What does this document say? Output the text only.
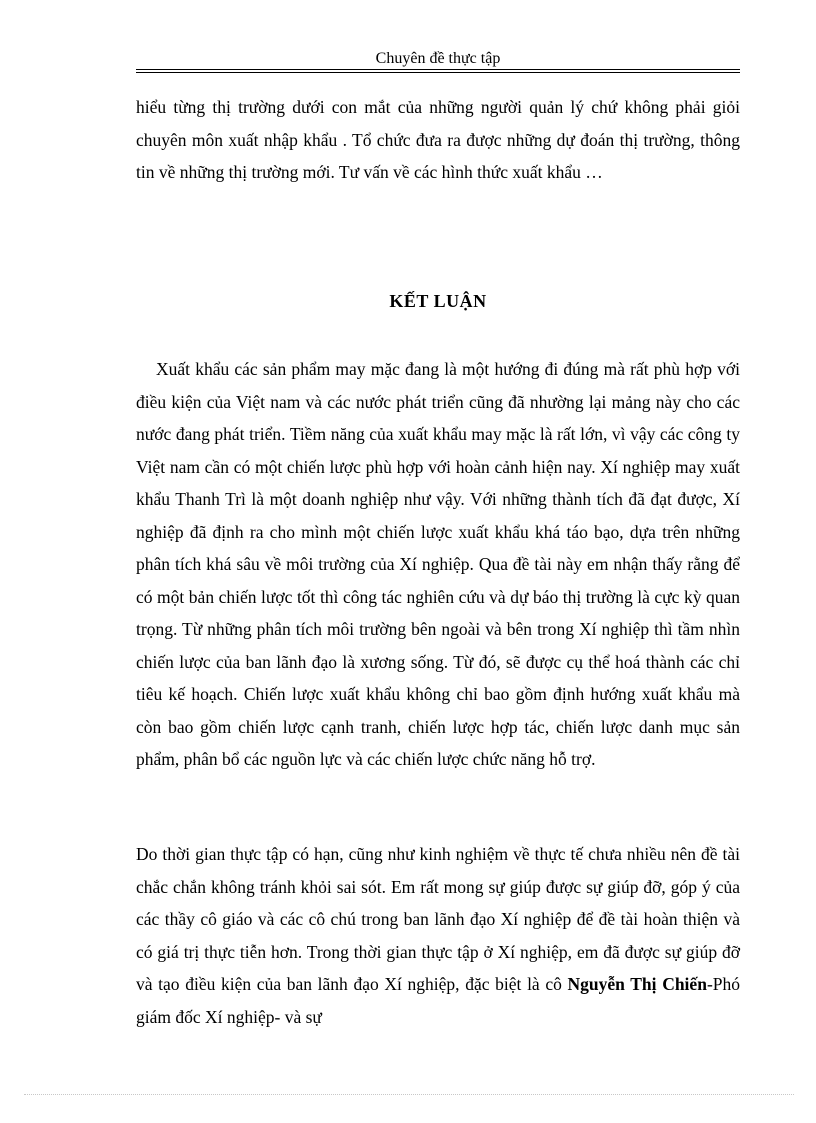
Chuyên đề thực tập

hiểu từng thị trường dưới con mắt của những người quản lý chứ không phải giỏi chuyên môn xuất nhập khẩu . Tổ chức đưa ra được những dự đoán thị trường, thông tin về những thị trường mới. Tư vấn về các hình thức xuất khẩu …

KẾT LUẬN

Xuất khẩu các sản phẩm may mặc đang là một hướng đi đúng mà rất phù hợp với điều kiện của Việt nam và các nước phát triển cũng đã nhường lại mảng này cho các nước đang phát triển. Tiềm năng của xuất khẩu may mặc là rất lớn, vì vậy các công ty Việt nam cần có một chiến lược phù hợp với hoàn cảnh hiện nay. Xí nghiệp may xuất khẩu Thanh Trì là một doanh nghiệp như vậy. Với những thành tích đã đạt được, Xí nghiệp đã định ra cho mình một chiến lược xuất khẩu khá táo bạo, dựa trên những phân tích khá sâu về môi trường của Xí nghiệp. Qua đề tài này em nhận thấy rằng để có một bản chiến lược tốt thì công tác nghiên cứu và dự báo thị trường là cực kỳ quan trọng. Từ những phân tích môi trường bên ngoài và bên trong Xí nghiệp thì tầm nhìn chiến lược của ban lãnh đạo là xương sống. Từ đó, sẽ được cụ thể hoá thành các chỉ tiêu kế hoạch. Chiến lược xuất khẩu không chỉ bao gồm định hướng xuất khẩu mà còn bao gồm chiến lược cạnh tranh, chiến lược hợp tác, chiến lược danh mục sản phẩm, phân bổ các nguồn lực và các chiến lược chức năng hỗ trợ.

Do thời gian thực tập có hạn, cũng như kinh nghiệm về thực tế chưa nhiều nên đề tài chắc chắn không tránh khỏi sai sót. Em rất mong sự giúp được sự giúp đỡ, góp ý của các thầy cô giáo và các cô chú trong ban lãnh đạo Xí nghiệp để đề tài hoàn thiện và có giá trị thực tiễn hơn. Trong thời gian thực tập ở Xí nghiệp, em đã được sự giúp đỡ và tạo điều kiện của ban lãnh đạo Xí nghiệp, đặc biệt là cô Nguyễn Thị Chiến-Phó giám đốc Xí nghiệp- và sự
